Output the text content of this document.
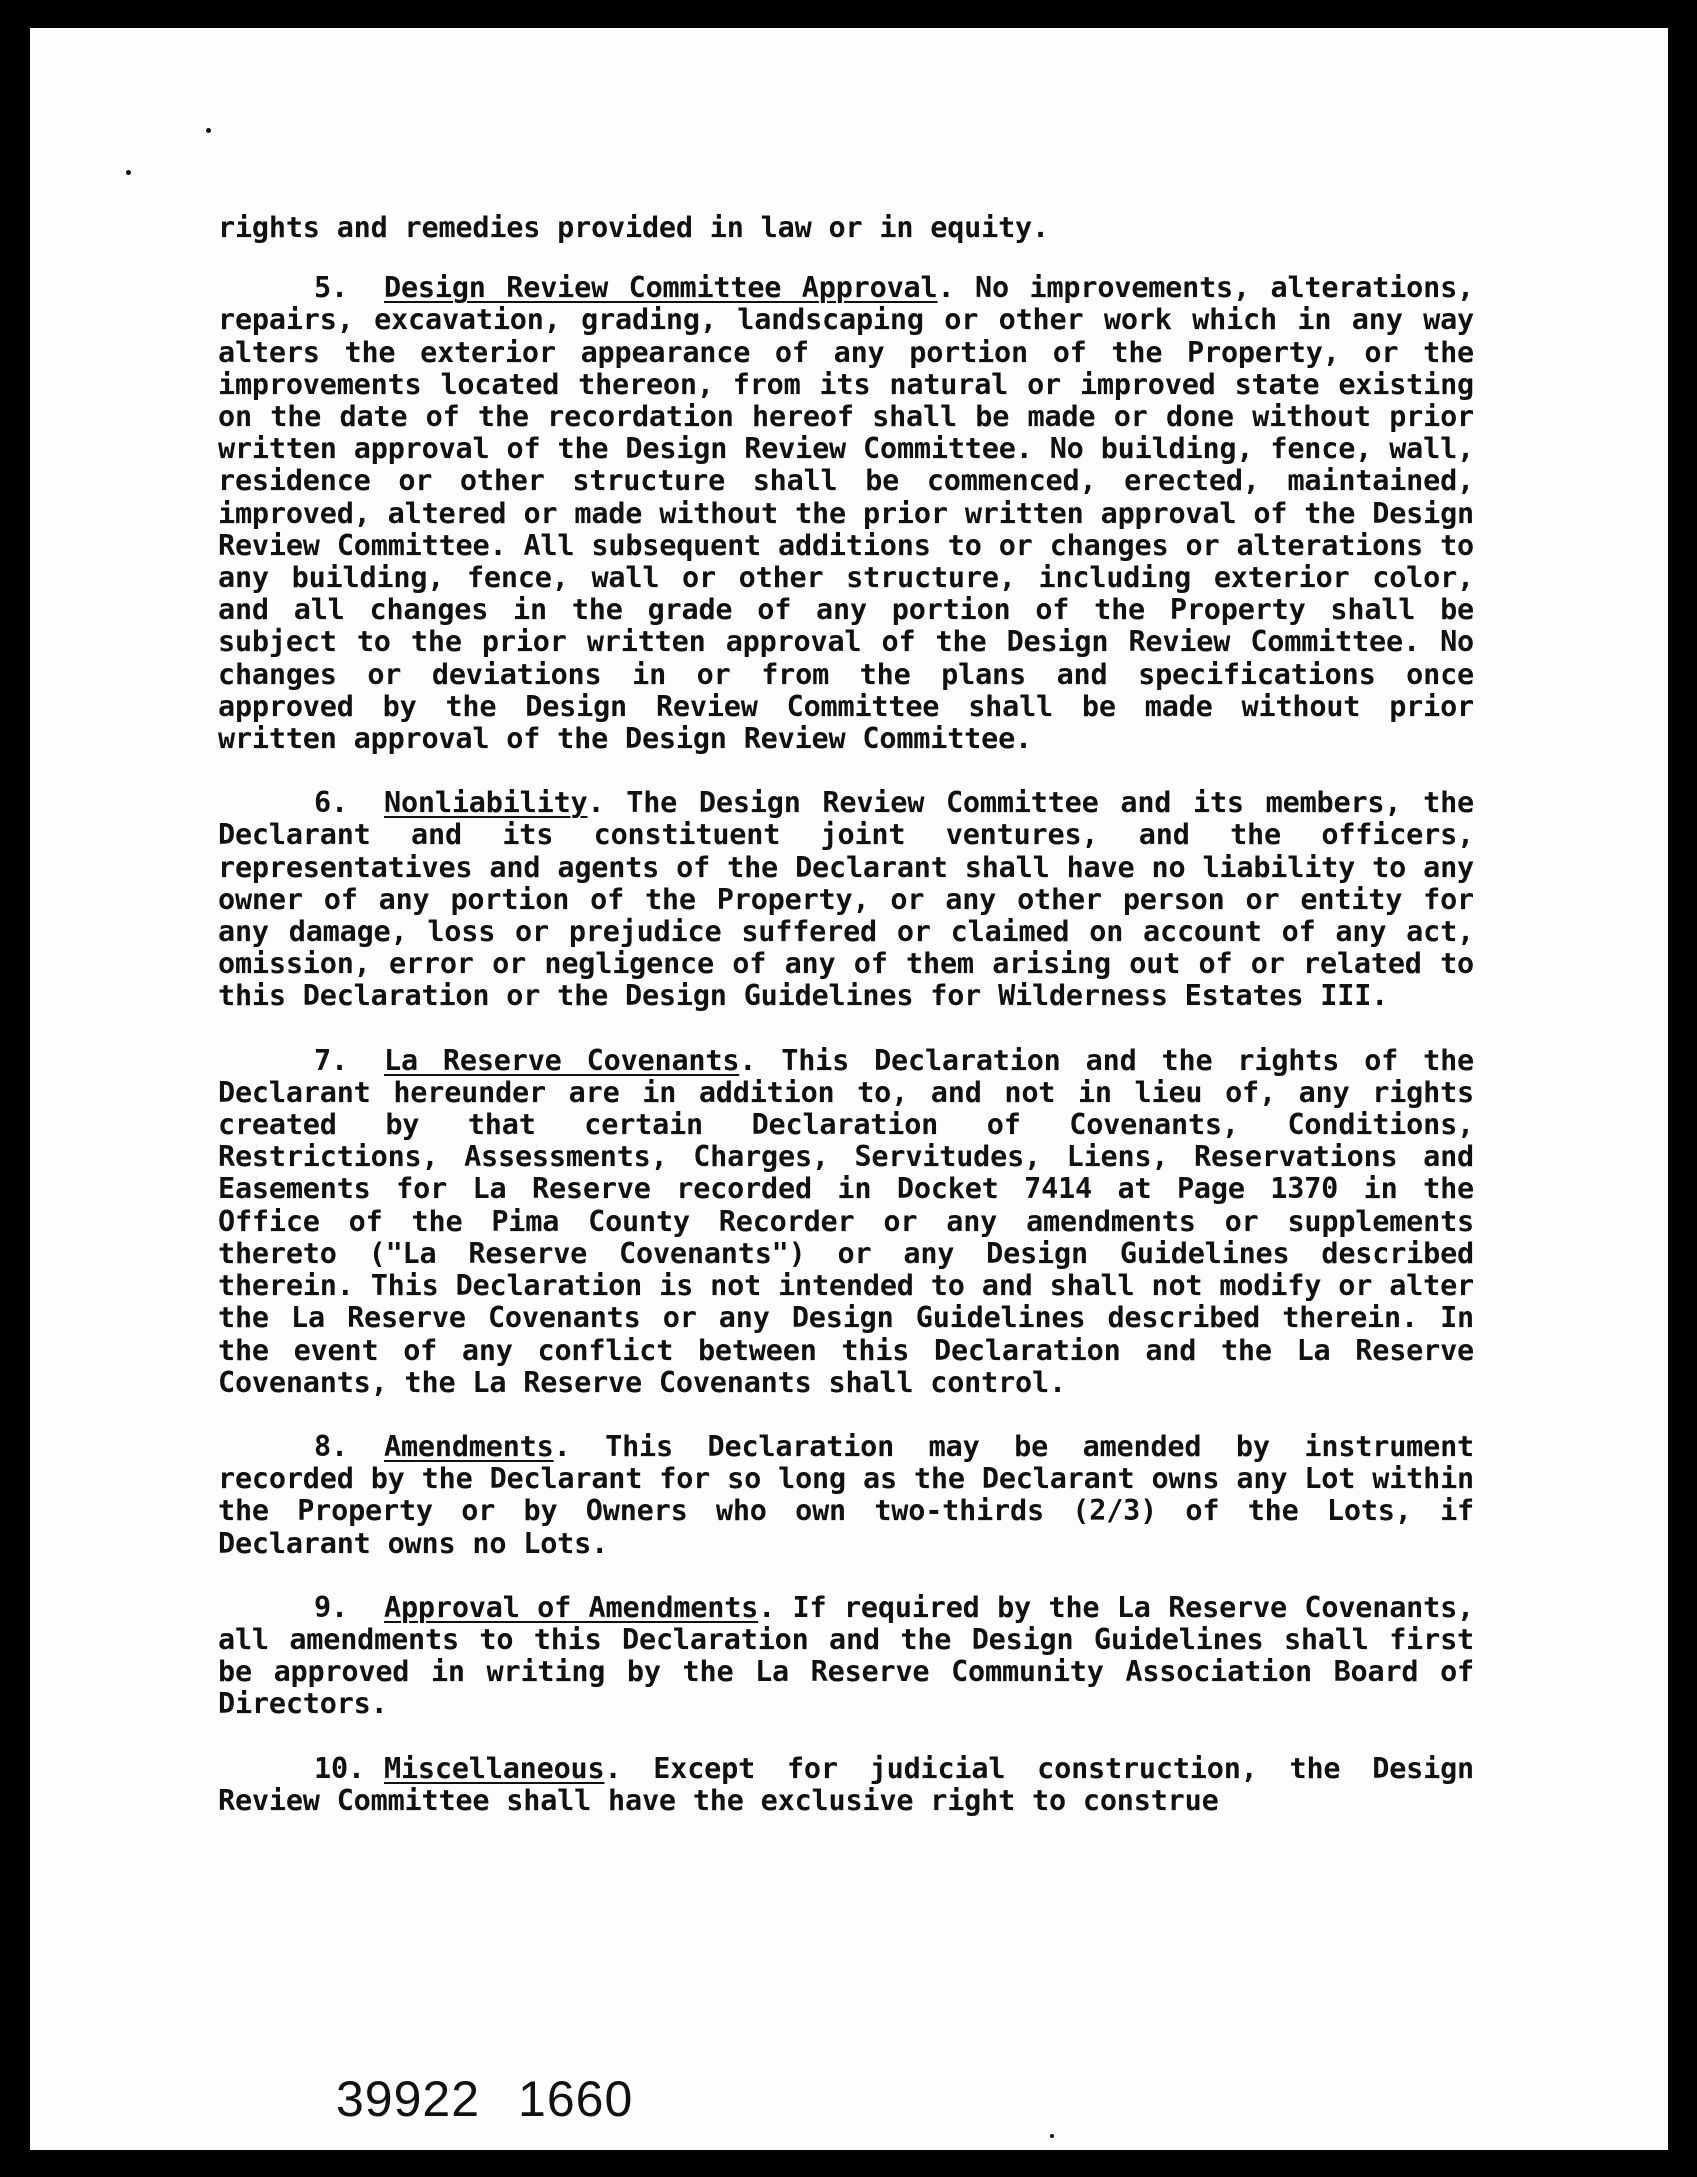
rights and remedies provided in law or in equity.

5. Design Review Committee Approval. No improvements, alterations, repairs, excavation, grading, landscaping or other work which in any way alters the exterior appearance of any portion of the Property, or the improvements located thereon, from its natural or improved state existing on the date of the recordation hereof shall be made or done without prior written approval of the Design Review Committee. No building, fence, wall, residence or other structure shall be commenced, erected, maintained, improved, altered or made without the prior written approval of the Design Review Committee. All subsequent additions to or changes or alterations to any building, fence, wall or other structure, including exterior color, and all changes in the grade of any portion of the Property shall be subject to the prior written approval of the Design Review Committee. No changes or deviations in or from the plans and specifications once approved by the Design Review Committee shall be made without prior written approval of the Design Review Committee.

6. Nonliability. The Design Review Committee and its members, the Declarant and its constituent joint ventures, and the officers, representatives and agents of the Declarant shall have no liability to any owner of any portion of the Property, or any other person or entity for any damage, loss or prejudice suffered or claimed on account of any act, omission, error or negligence of any of them arising out of or related to this Declaration or the Design Guidelines for Wilderness Estates III.

7. La Reserve Covenants. This Declaration and the rights of the Declarant hereunder are in addition to, and not in lieu of, any rights created by that certain Declaration of Covenants, Conditions, Restrictions, Assessments, Charges, Servitudes, Liens, Reservations and Easements for La Reserve recorded in Docket 7414 at Page 1370 in the Office of the Pima County Recorder or any amendments or supplements thereto ("La Reserve Covenants") or any Design Guidelines described therein. This Declaration is not intended to and shall not modify or alter the La Reserve Covenants or any Design Guidelines described therein. In the event of any conflict between this Declaration and the La Reserve Covenants, the La Reserve Covenants shall control.

8. Amendments. This Declaration may be amended by instrument recorded by the Declarant for so long as the Declarant owns any Lot within the Property or by Owners who own two-thirds (2/3) of the Lots, if Declarant owns no Lots.

9. Approval of Amendments. If required by the La Reserve Covenants, all amendments to this Declaration and the Design Guidelines shall first be approved in writing by the La Reserve Community Association Board of Directors.

10. Miscellaneous. Except for judicial construction, the Design Review Committee shall have the exclusive right to construe

39922 1660
